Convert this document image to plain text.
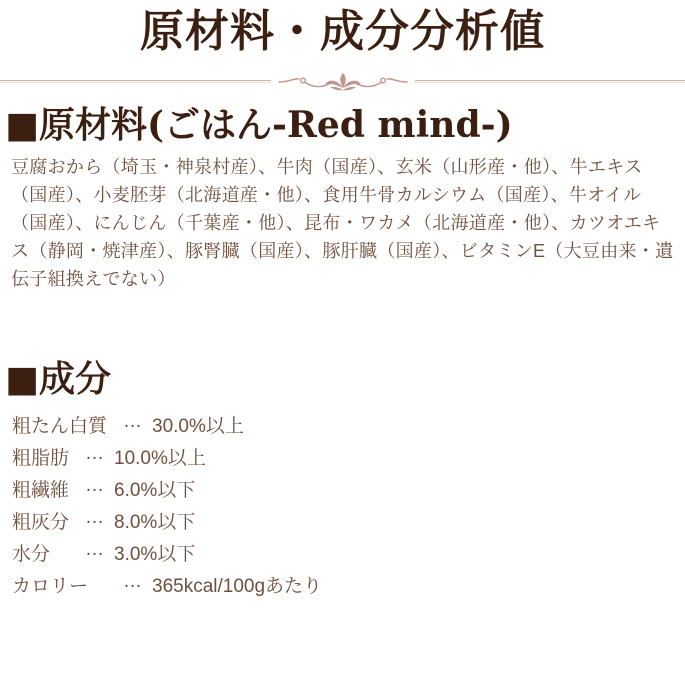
原材料・成分分析値
■原材料(ごはん-Red mind-)

豆腐おから（埼玉・神泉村産）、牛肉（国産）、玄米（山形産・他）、牛エキス（国産）、小麦胚芽（北海道産・他）、食用牛骨カルシウム（国産）、牛オイル（国産）、にんじん（千葉産・他）、昆布・ワカメ（北海道産・他）、カツオエキス（静岡・焼津産）、豚腎臓（国産）、豚肝臓（国産）、ビタミンE（大豆由来・遺伝子組換えでない）

■成分
粗たん白質 … 30.0%以上
粗脂肪 … 10.0%以上
粗繊維 … 6.0%以下
粗灰分 … 8.0%以下
水分 … 3.0%以下
カロリー … 365kcal/100gあたり
